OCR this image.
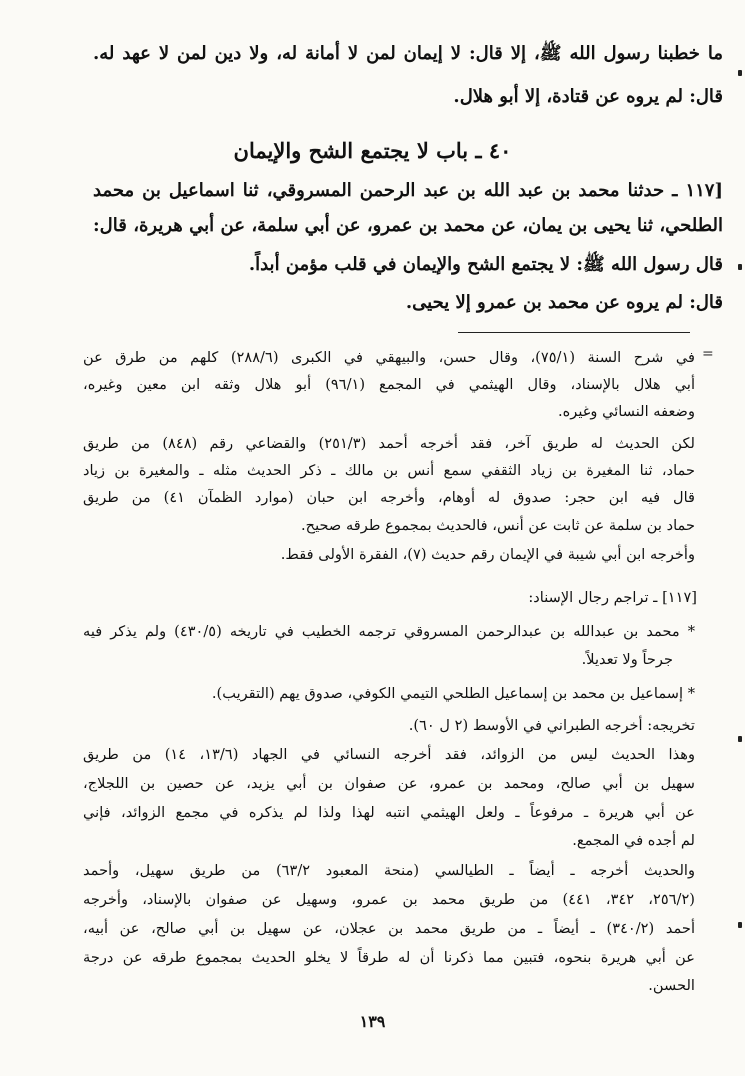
ما خطبنا رسول الله ﷺ، إلا قال: لا إيمان لمن لا أمانة له، ولا دين لمن لا عهد له.
قال: لم يروه عن قتادة، إلا أبو هلال.
٤٠ ـ باب لا يجتمع الشح والإيمان
[١١٧ ـ حدثنا محمد بن عبد الله بن عبد الرحمن المسروقي، ثنا اسماعيل بن محمد
الطلحي، ثنا يحيى بن يمان، عن محمد بن عمرو، عن أبي سلمة، عن أبي هريرة، قال:
قال رسول الله ﷺ: لا يجتمع الشح والإيمان في قلب مؤمن أبداً.
قال: لم يروه عن محمد بن عمرو إلا يحيى.
في شرح السنة (٧٥/١)، وقال حسن، والبيهقي في الكبرى (٢٨٨/٦) كلهم من طرق عن
أبي هلال بالإسناد، وقال الهيثمي في المجمع (٩٦/١) أبو هلال وثقه ابن معين وغيره،
وضعفه النسائي وغيره.
لكن الحديث له طريق آخر، فقد أخرجه أحمد (٢٥١/٣) والقضاعي رقم (٨٤٨) من طريق
حماد، ثنا المغيرة بن زياد الثقفي سمع أنس بن مالك ـ ذكر الحديث مثله ـ والمغيرة بن زياد
قال فيه ابن حجر: صدوق له أوهام، وأخرجه ابن حبان (موارد الظمآن ٤١) من طريق
حماد بن سلمة عن ثابت عن أنس، فالحديث بمجموع طرقه صحيح.
وأخرجه ابن أبي شيبة في الإيمان رقم حديث (٧)، الفقرة الأولى فقط.
[١١٧] ـ تراجم رجال الإسناد:
* محمد بن عبدالله بن عبدالرحمن المسروقي ترجمه الخطيب في تاريخه (٤٣٠/٥) ولم يذكر فيه
جرحاً ولا تعديلاً.
* إسماعيل بن محمد بن إسماعيل الطلحي التيمي الكوفي، صدوق يهم (التقريب).
تخريجه: أخرجه الطبراني في الأوسط (٢ ل ٦٠).
وهذا الحديث ليس من الزوائد، فقد أخرجه النسائي في الجهاد (١٣/٦، ١٤) من طريق
سهيل بن أبي صالح، ومحمد بن عمرو، عن صفوان بن أبي يزيد، عن حصين بن اللجلاج،
عن أبي هريرة ـ مرفوعاً ـ ولعل الهيثمي انتبه لهذا ولذا لم يذكره في مجمع الزوائد، فإني
لم أجده في المجمع.
والحديث أخرجه ـ أيضاً ـ الطيالسي (منحة المعبود ٦٣/٢) من طريق سهيل، وأحمد
(٢٥٦/٢، ٣٤٢، ٤٤١) من طريق محمد بن عمرو، وسهيل عن صفوان بالإسناد، وأخرجه
أحمد (٣٤٠/٢) ـ أيضاً ـ من طريق محمد بن عجلان، عن سهيل بن أبي صالح، عن أبيه،
عن أبي هريرة بنحوه، فتبين مما ذكرنا أن له طرقاً لا يخلو الحديث بمجموع طرقه عن درجة
الحسن.
١٣٩
=
